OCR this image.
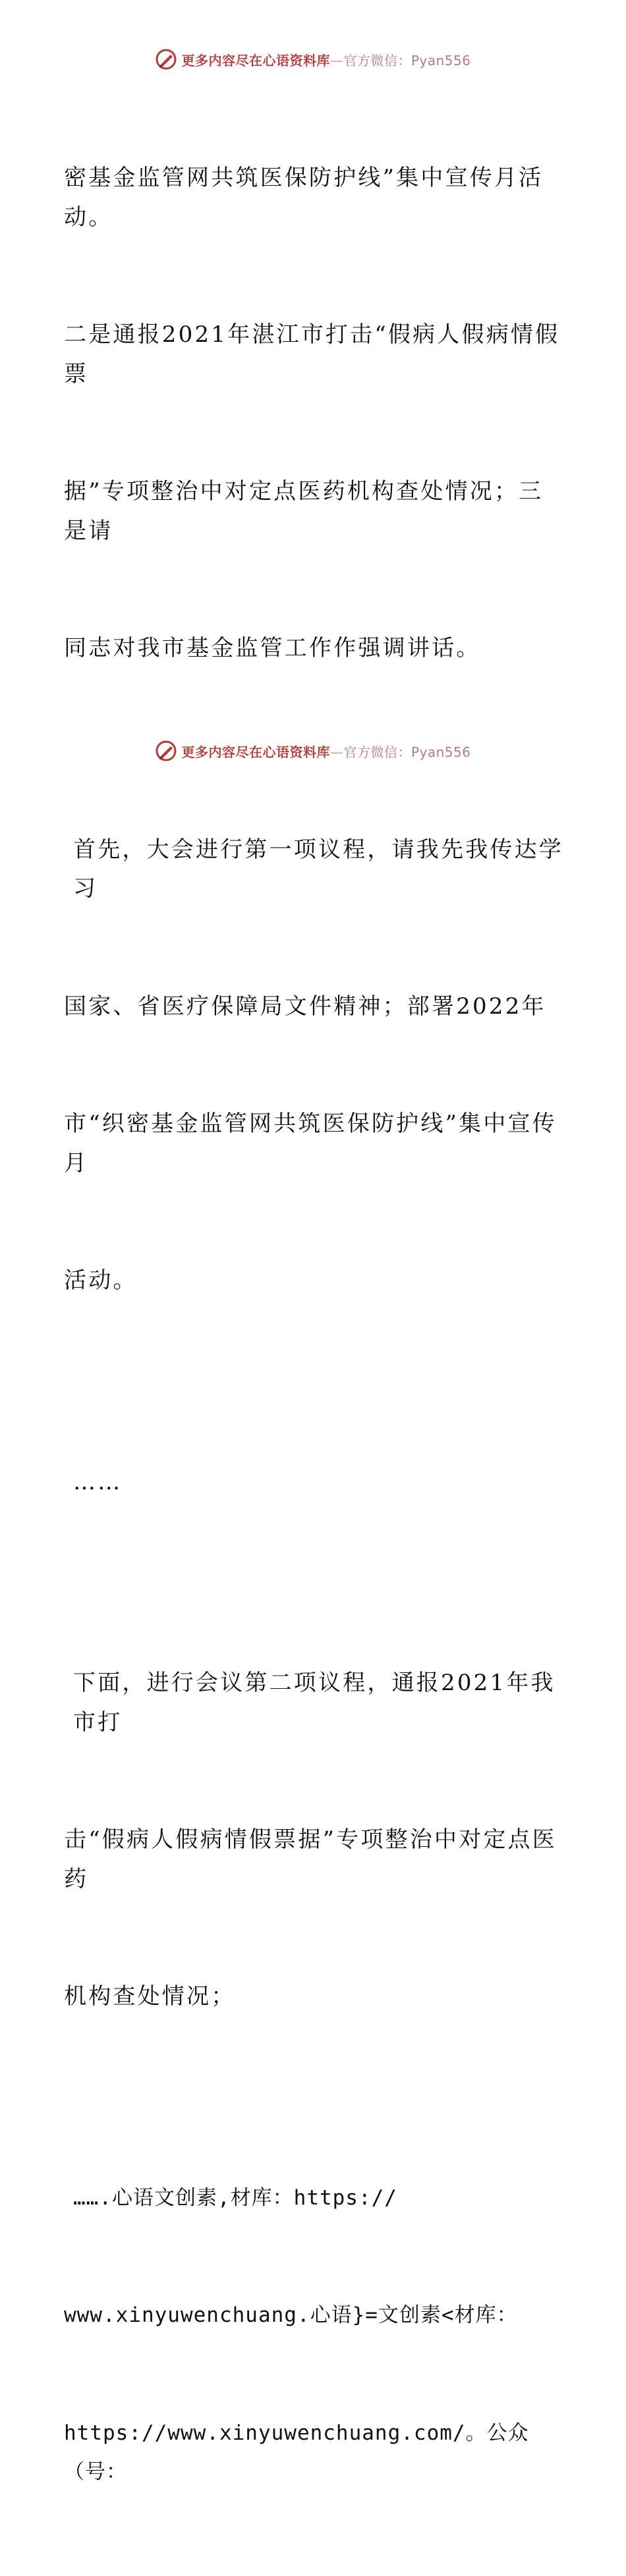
更多内容尽在心语资料库—官方微信：Pyan556

密基金监管网共筑医保防护线”集中宣传月活动。

二是通报2021年湛江市打击“假病人假病情假票

据”专项整治中对定点医药机构查处情况；三是请

同志对我市基金监管工作作强调讲话。

首先，大会进行第一项议程，请我先我传达学习

国家、省医疗保障局文件精神；部署2022年

市“织密基金监管网共筑医保防护线”集中宣传月

活动。

……

下面，进行会议第二项议程，通报2021年我市打

击“假病人假病情假票据”专项整治中对定点医药

机构查处情况；

…….心语文创素,材库：https://

www.xinyuwenchuang.心语}=文创素<材库：

https://www.xinyuwenchuang.com/。公众（号：

更多内容尽在心语资料库—官方微信：Pyan556
